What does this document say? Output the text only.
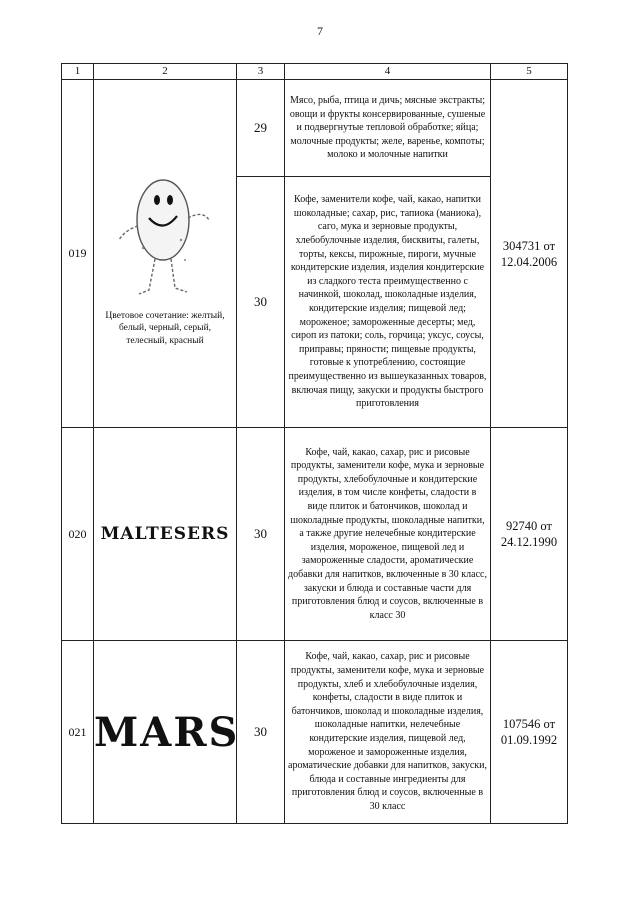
7
1	2	3	4	5
019	Цветовое сочетание: желтый, белый, черный, серый, телесный, красный	29	Мясо, рыба, птица и дичь; мясные экстракты; овощи и фрукты консервированные, сушеные и подвергнутые тепловой обработке; яйца; молочные продукты; желе, варенье, компоты; молоко и молочные напитки	304731 от
12.04.2006

		30	Кофе, заменители кофе, чай, какао, напитки шоколадные; сахар, рис, тапиока (маниока), саго, мука и зерновые продукты, хлебобулочные изделия, бисквиты, галеты, торты, кексы, пирожные, пироги, мучные кондитерские изделия, изделия кондитерские из сладкого теста преимущественно с начинкой, шоколад, шоколадные изделия, кондитерские изделия; пищевой лед; мороженое; замороженные десерты; мед, сироп из патоки; соль, горчица; уксус, соусы, приправы; пряности; пищевые продукты, готовые к употреблению, состоящие преимущественно из вышеуказанных товаров, включая пищу, закуски и продукты быстрого приготовления	
020	MALTESERS	30	Кофе, чай, какао, сахар, рис и рисовые продукты, заменители кофе, мука и зерновые продукты, хлебобулочные и кондитерские изделия, в том числе конфеты, сладости в виде плиток и батончиков, шоколад и шоколадные продукты, шоколадные напитки, а также другие нелечебные кондитерские изделия, мороженое, пищевой лед и замороженные сладости, ароматические добавки для напитков, включенные в 30 класс, закуски и блюда и составные части для приготовления блюд и соусов, включенные в класс 30	92740 от
24.12.1990

021	MARS	30	Кофе, чай, какао, сахар, рис и рисовые продукты, заменители кофе, мука и зерновые продукты, хлеб и хлебобулочные изделия, конфеты, сладости в виде плиток и батончиков, шоколад и шоколадные изделия, шоколадные напитки, нелечебные кондитерские изделия, пищевой лед, мороженое и замороженные изделия, ароматические добавки для напитков, закуски, блюда и составные ингредиенты для приготовления блюд и соусов, включенные в 30 класс	107546 от
01.09.1992
